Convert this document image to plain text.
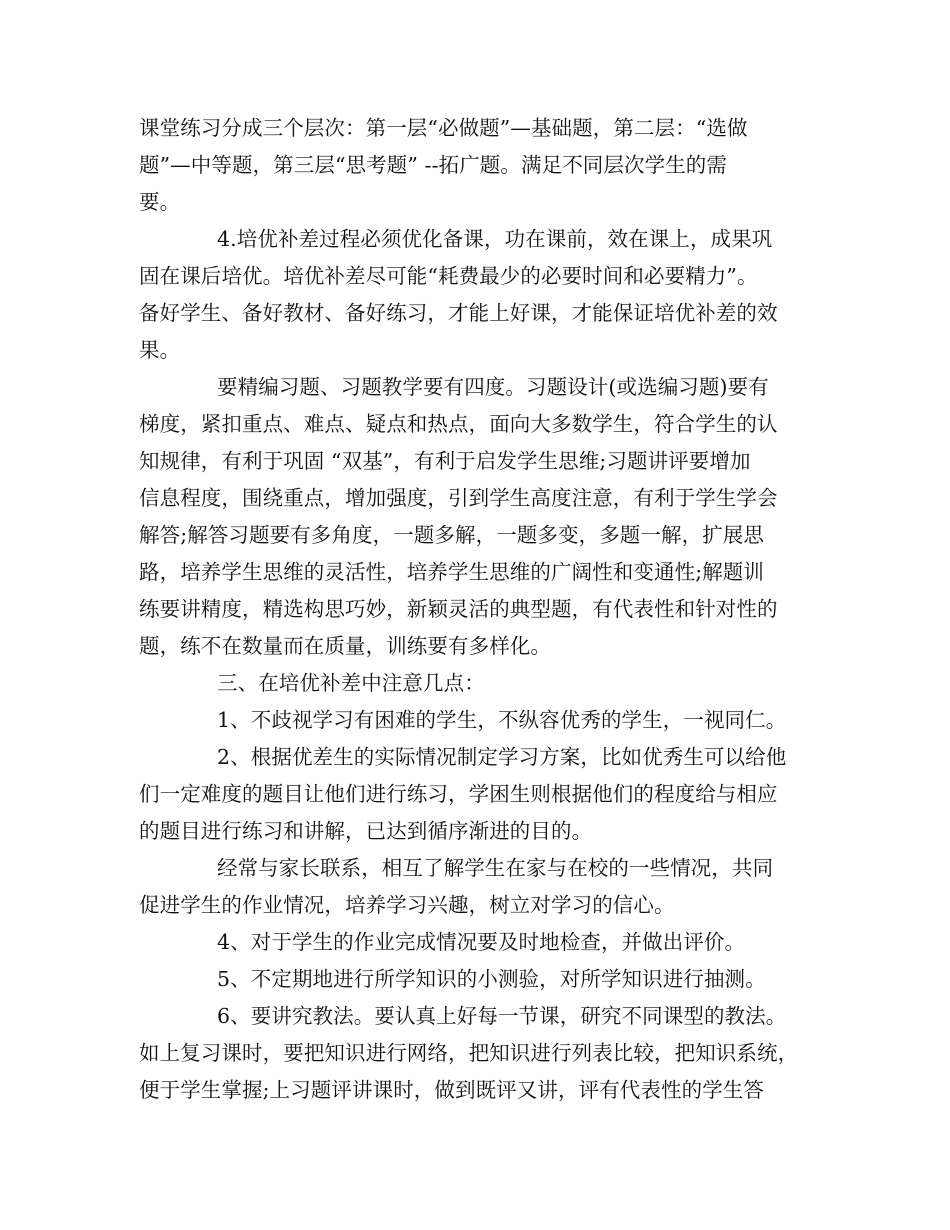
课堂练习分成三个层次：第一层“必做题”—基础题，第二层：“选做
题”—中等题，第三层“思考题” --拓广题。满足不同层次学生的需
要。
4.培优补差过程必须优化备课，功在课前，效在课上，成果巩
固在课后培优。培优补差尽可能“耗费最少的必要时间和必要精力”。
备好学生、备好教材、备好练习，才能上好课，才能保证培优补差的效
果。
要精编习题、习题教学要有四度。习题设计(或选编习题)要有
梯度，紧扣重点、难点、疑点和热点，面向大多数学生，符合学生的认
知规律，有利于巩固 “双基”，有利于启发学生思维;习题讲评要增加
信息程度，围绕重点，增加强度，引到学生高度注意，有利于学生学会
解答;解答习题要有多角度，一题多解，一题多变，多题一解，扩展思
路，培养学生思维的灵活性，培养学生思维的广阔性和变通性;解题训
练要讲精度，精选构思巧妙，新颖灵活的典型题，有代表性和针对性的
题，练不在数量而在质量，训练要有多样化。
三、在培优补差中注意几点：
1、不歧视学习有困难的学生，不纵容优秀的学生，一视同仁。
2、根据优差生的实际情况制定学习方案，比如优秀生可以给他
们一定难度的题目让他们进行练习，学困生则根据他们的程度给与相应
的题目进行练习和讲解，已达到循序渐进的目的。
经常与家长联系，相互了解学生在家与在校的一些情况，共同
促进学生的作业情况，培养学习兴趣，树立对学习的信心。
4、对于学生的作业完成情况要及时地检查，并做出评价。
5、不定期地进行所学知识的小测验，对所学知识进行抽测。
6、要讲究教法。要认真上好每一节课，研究不同课型的教法。
如上复习课时，要把知识进行网络，把知识进行列表比较，把知识系统，
便于学生掌握;上习题评讲课时，做到既评又讲，评有代表性的学生答
